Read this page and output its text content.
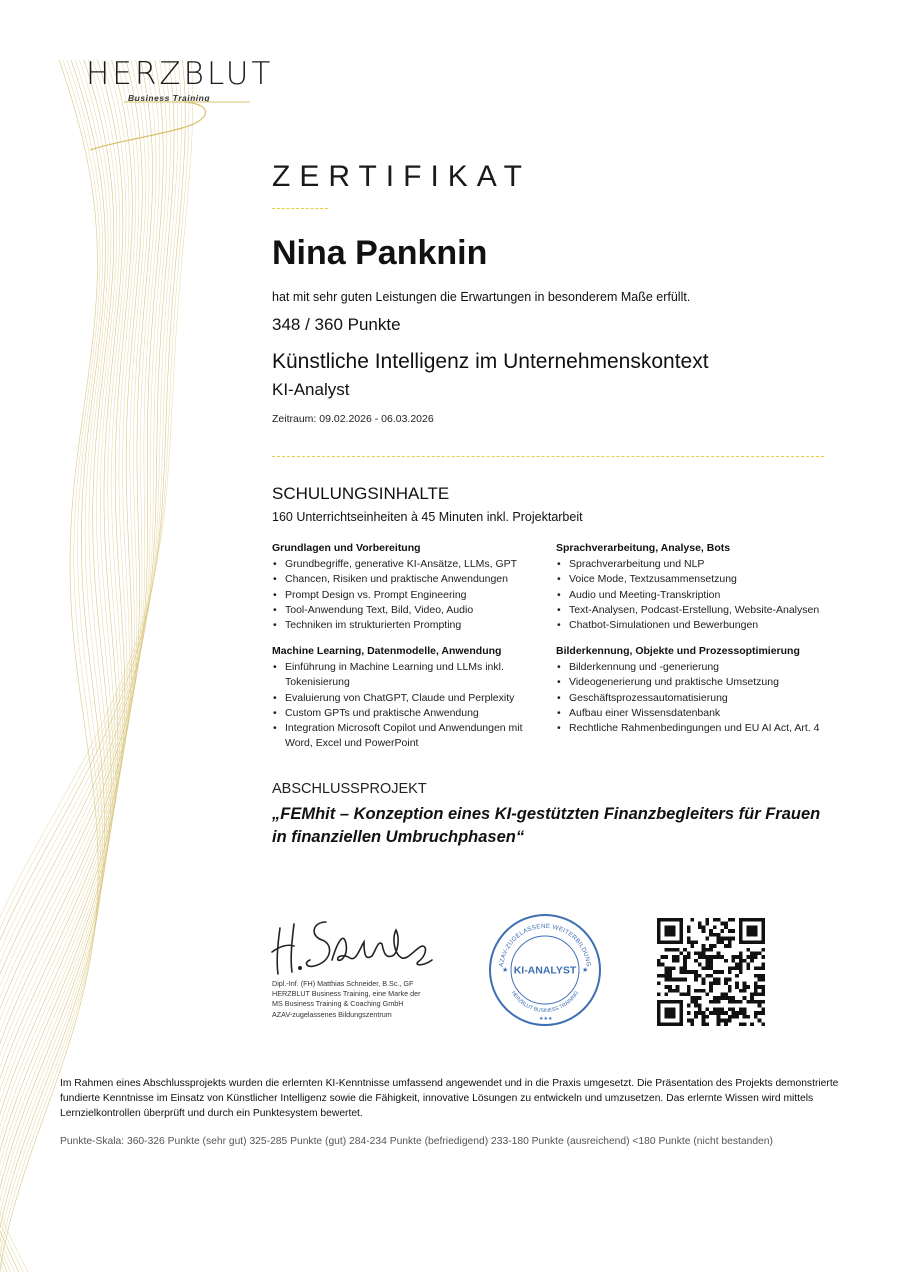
HERZBLUT
Business Training
ZERTIFIKAT
Nina Panknin
hat mit sehr guten Leistungen die Erwartungen in besonderem Maße erfüllt.
348 / 360 Punkte
Künstliche Intelligenz im Unternehmenskontext
KI-Analyst
Zeitraum: 09.02.2026 - 06.03.2026
SCHULUNGSINHALTE
160 Unterrichtseinheiten à 45 Minuten inkl. Projektarbeit
Grundlagen und Vorbereitung
• Grundbegriffe, generative KI-Ansätze, LLMs, GPT
• Chancen, Risiken und praktische Anwendungen
• Prompt Design vs. Prompt Engineering
• Tool-Anwendung Text, Bild, Video, Audio
• Techniken im strukturierten Prompting
Sprachverarbeitung, Analyse, Bots
• Sprachverarbeitung und NLP
• Voice Mode, Textzusammensetzung
• Audio und Meeting-Transkription
• Text-Analysen, Podcast-Erstellung, Website-Analysen
• Chatbot-Simulationen und Bewerbungen
Machine Learning, Datenmodelle, Anwendung
• Einführung in Machine Learning und LLMs inkl. Tokenisierung
• Evaluierung von ChatGPT, Claude und Perplexity
• Custom GPTs und praktische Anwendung
• Integration Microsoft Copilot und Anwendungen mit Word, Excel und PowerPoint
Bilderkennung, Objekte und Prozessoptimierung
• Bilderkennung und -generierung
• Videogenerierung und praktische Umsetzung
• Geschäftsprozessautomatisierung
• Aufbau einer Wissensdatenbank
• Rechtliche Rahmenbedingungen und EU AI Act, Art. 4
ABSCHLUSSPROJEKT
„FEMhit – Konzeption eines KI-gestützten Finanzbegleiters für Frauen in finanziellen Umbruchphasen“
Dipl.-Inf. (FH) Matthias Schneider, B.Sc., GF
HERZBLUT Business Training, eine Marke der
MS Business Training & Coaching GmbH
AZAV-zugelassenes Bildungszentrum
AZAV-ZUGELASSENE WEITERBILDUNG
HERZBLUT BUSINESS TRAINING
★	★
★★★
KI-ANALYST
Im Rahmen eines Abschlussprojekts wurden die erlernten KI-Kenntnisse umfassend angewendet und in die Praxis umgesetzt. Die Präsentation des Projekts demonstrierte fundierte Kenntnisse im Einsatz von Künstlicher Intelligenz sowie die Fähigkeit, innovative Lösungen zu entwickeln und umzusetzen. Das erlernte Wissen wird mittels Lernzielkontrollen überprüft und durch ein Punktesystem bewertet.
Punkte-Skala: 360-326 Punkte (sehr gut) 325-285 Punkte (gut) 284-234 Punkte (befriedigend) 233-180 Punkte (ausreichend) <180 Punkte (nicht bestanden)
